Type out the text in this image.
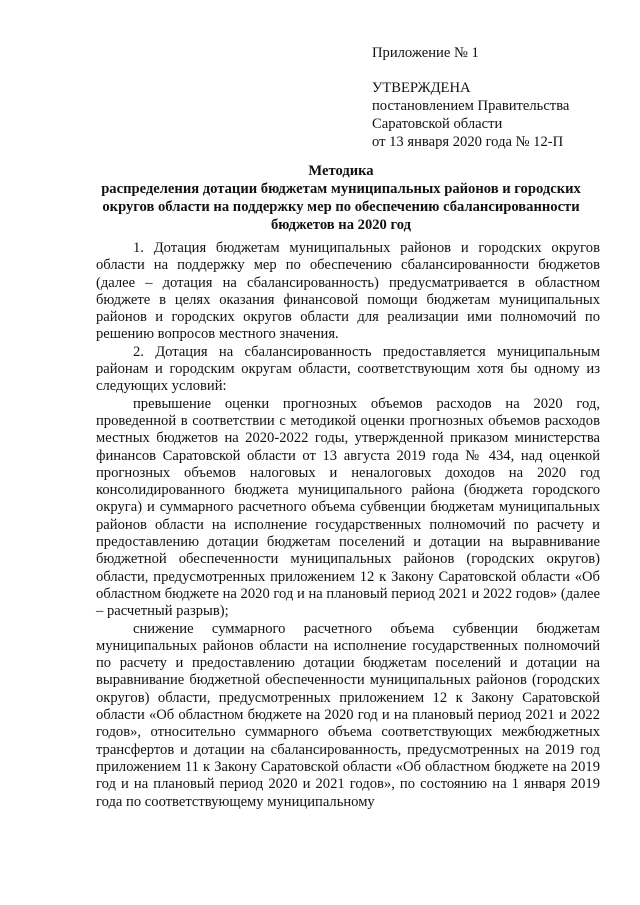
Приложение № 1
УТВЕРЖДЕНА
постановлением Правительства
Саратовской области
от 13 января 2020 года № 12-П
Методика
распределения дотации бюджетам муниципальных районов и городских
округов области на поддержку мер по обеспечению сбалансированности
бюджетов на 2020 год

1. Дотация бюджетам муниципальных районов и городских округов области на поддержку мер по обеспечению сбалансированности бюджетов (далее – дотация на сбалансированность) предусматривается в областном бюджете в целях оказания финансовой помощи бюджетам муниципальных районов и городских округов области для реализации ими полномочий по решению вопросов местного значения.

2. Дотация на сбалансированность предоставляется муниципальным районам и городским округам области, соответствующим хотя бы одному из следующих условий:

превышение оценки прогнозных объемов расходов на 2020 год, проведенной в соответствии с методикой оценки прогнозных объемов расходов местных бюджетов на 2020-2022 годы, утвержденной приказом министерства финансов Саратовской области от 13 августа 2019 года № 434, над оценкой прогнозных объемов налоговых и неналоговых доходов на 2020 год консолидированного бюджета муниципального района (бюджета городского округа) и суммарного расчетного объема субвенции бюджетам муниципальных районов области на исполнение государственных полномочий по расчету и предоставлению дотации бюджетам поселений и дотации на выравнивание бюджетной обеспеченности муниципальных районов (городских округов) области, предусмотренных приложением 12 к Закону Саратовской области «Об областном бюджете на 2020 год и на плановый период 2021 и 2022 годов» (далее – расчетный разрыв);

снижение суммарного расчетного объема субвенции бюджетам муниципальных районов области на исполнение государственных полномочий по расчету и предоставлению дотации бюджетам поселений и дотации на выравнивание бюджетной обеспеченности муниципальных районов (городских округов) области, предусмотренных приложением 12 к Закону Саратовской области «Об областном бюджете на 2020 год и на плановый период 2021 и 2022 годов», относительно суммарного объема соответствующих межбюджетных трансфертов и дотации на сбалансированность, предусмотренных на 2019 год приложением 11 к Закону Саратовской области «Об областном бюджете на 2019 год и на плановый период 2020 и 2021 годов», по состоянию на 1 января 2019 года по соответствующему муниципальному
